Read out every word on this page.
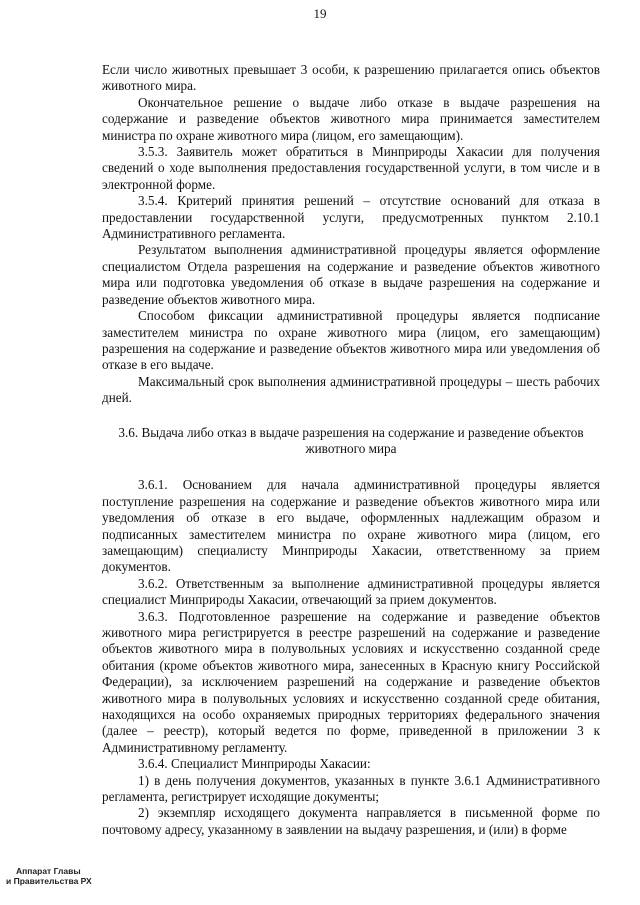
19

Если число животных превышает 3 особи, к разрешению прилагается опись объектов животного мира.

Окончательное решение о выдаче либо отказе в выдаче разрешения на содержание и разведение объектов животного мира принимается заместителем министра по охране животного мира (лицом, его замещающим).

3.5.3. Заявитель может обратиться в Минприроды Хакасии для получения сведений о ходе выполнения предоставления государственной услуги, в том числе и в электронной форме.

3.5.4. Критерий принятия решений – отсутствие оснований для отказа в предоставлении государственной услуги, предусмотренных пунктом 2.10.1 Административного регламента.

Результатом выполнения административной процедуры является оформление специалистом Отдела разрешения на содержание и разведение объектов животного мира или подготовка уведомления об отказе в выдаче разрешения на содержание и разведение объектов животного мира.

Способом фиксации административной процедуры является подписание заместителем министра по охране животного мира (лицом, его замещающим) разрешения на содержание и разведение объектов животного мира или уведомления об отказе в его выдаче.

Максимальный срок выполнения административной процедуры – шесть рабочих дней.

3.6. Выдача либо отказ в выдаче разрешения на содержание и разведение объектов животного мира

3.6.1. Основанием для начала административной процедуры является поступление разрешения на содержание и разведение объектов животного мира или уведомления об отказе в его выдаче, оформленных надлежащим образом и подписанных заместителем министра по охране животного мира (лицом, его замещающим) специалисту Минприроды Хакасии, ответственному за прием документов.

3.6.2. Ответственным за выполнение административной процедуры является специалист Минприроды Хакасии, отвечающий за прием документов.

3.6.3. Подготовленное разрешение на содержание и разведение объектов животного мира регистрируется в реестре разрешений на содержание и разведение объектов животного мира в полувольных условиях и искусственно созданной среде обитания (кроме объектов животного мира, занесенных в Красную книгу Российской Федерации), за исключением разрешений на содержание и разведение объектов животного мира в полувольных условиях и искусственно созданной среде обитания, находящихся на особо охраняемых природных территориях федерального значения (далее – реестр), который ведется по форме, приведенной в приложении 3 к Административному регламенту.

3.6.4. Специалист Минприроды Хакасии:

1) в день получения документов, указанных в пункте 3.6.1 Административного регламента, регистрирует исходящие документы;

2) экземпляр исходящего документа направляется в письменной форме по почтовому адресу, указанному в заявлении на выдачу разрешения, и (или) в форме

Аппарат Главы
и Правительства РХ
